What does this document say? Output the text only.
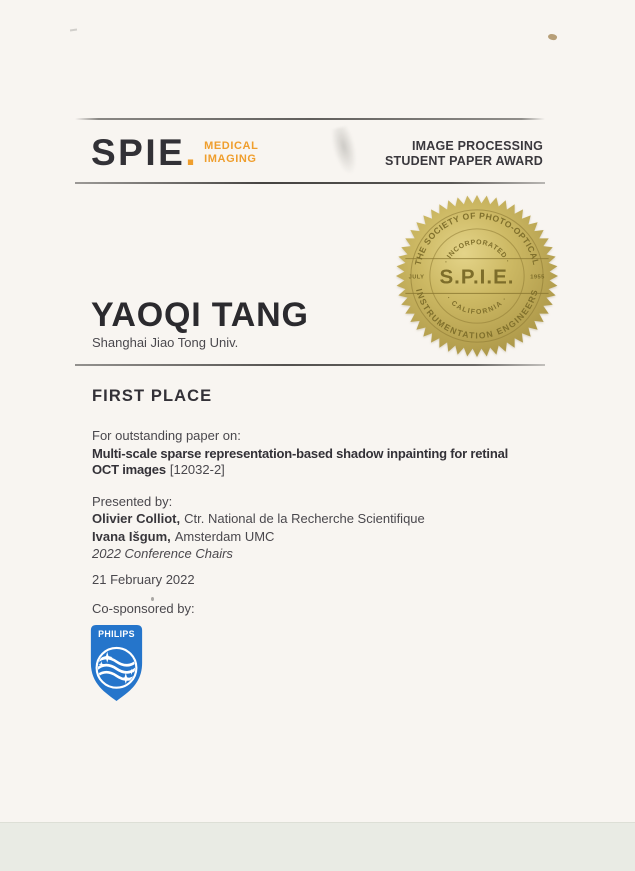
SPIE. MEDICAL
IMAGING
IMAGE PROCESSING
STUDENT PAPER AWARD
THE SOCIETY OF PHOTO-OPTICAL
INSTRUMENTATION ENGINEERS
· INCORPORATED ·
· CALIFORNIA ·
S.P.I.E.
JULY	1955
YAOQI TANG
Shanghai Jiao Tong Univ.
FIRST PLACE
For outstanding paper on:
Multi-scale sparse representation-based shadow inpainting for retinal
OCT images [12032-2]
Presented by:
Olivier Colliot, Ctr. National de la Recherche Scientifique
Ivana Išgum, Amsterdam UMC
2022 Conference Chairs
21 February 2022
Co-sponsored by:
PHILIPS
